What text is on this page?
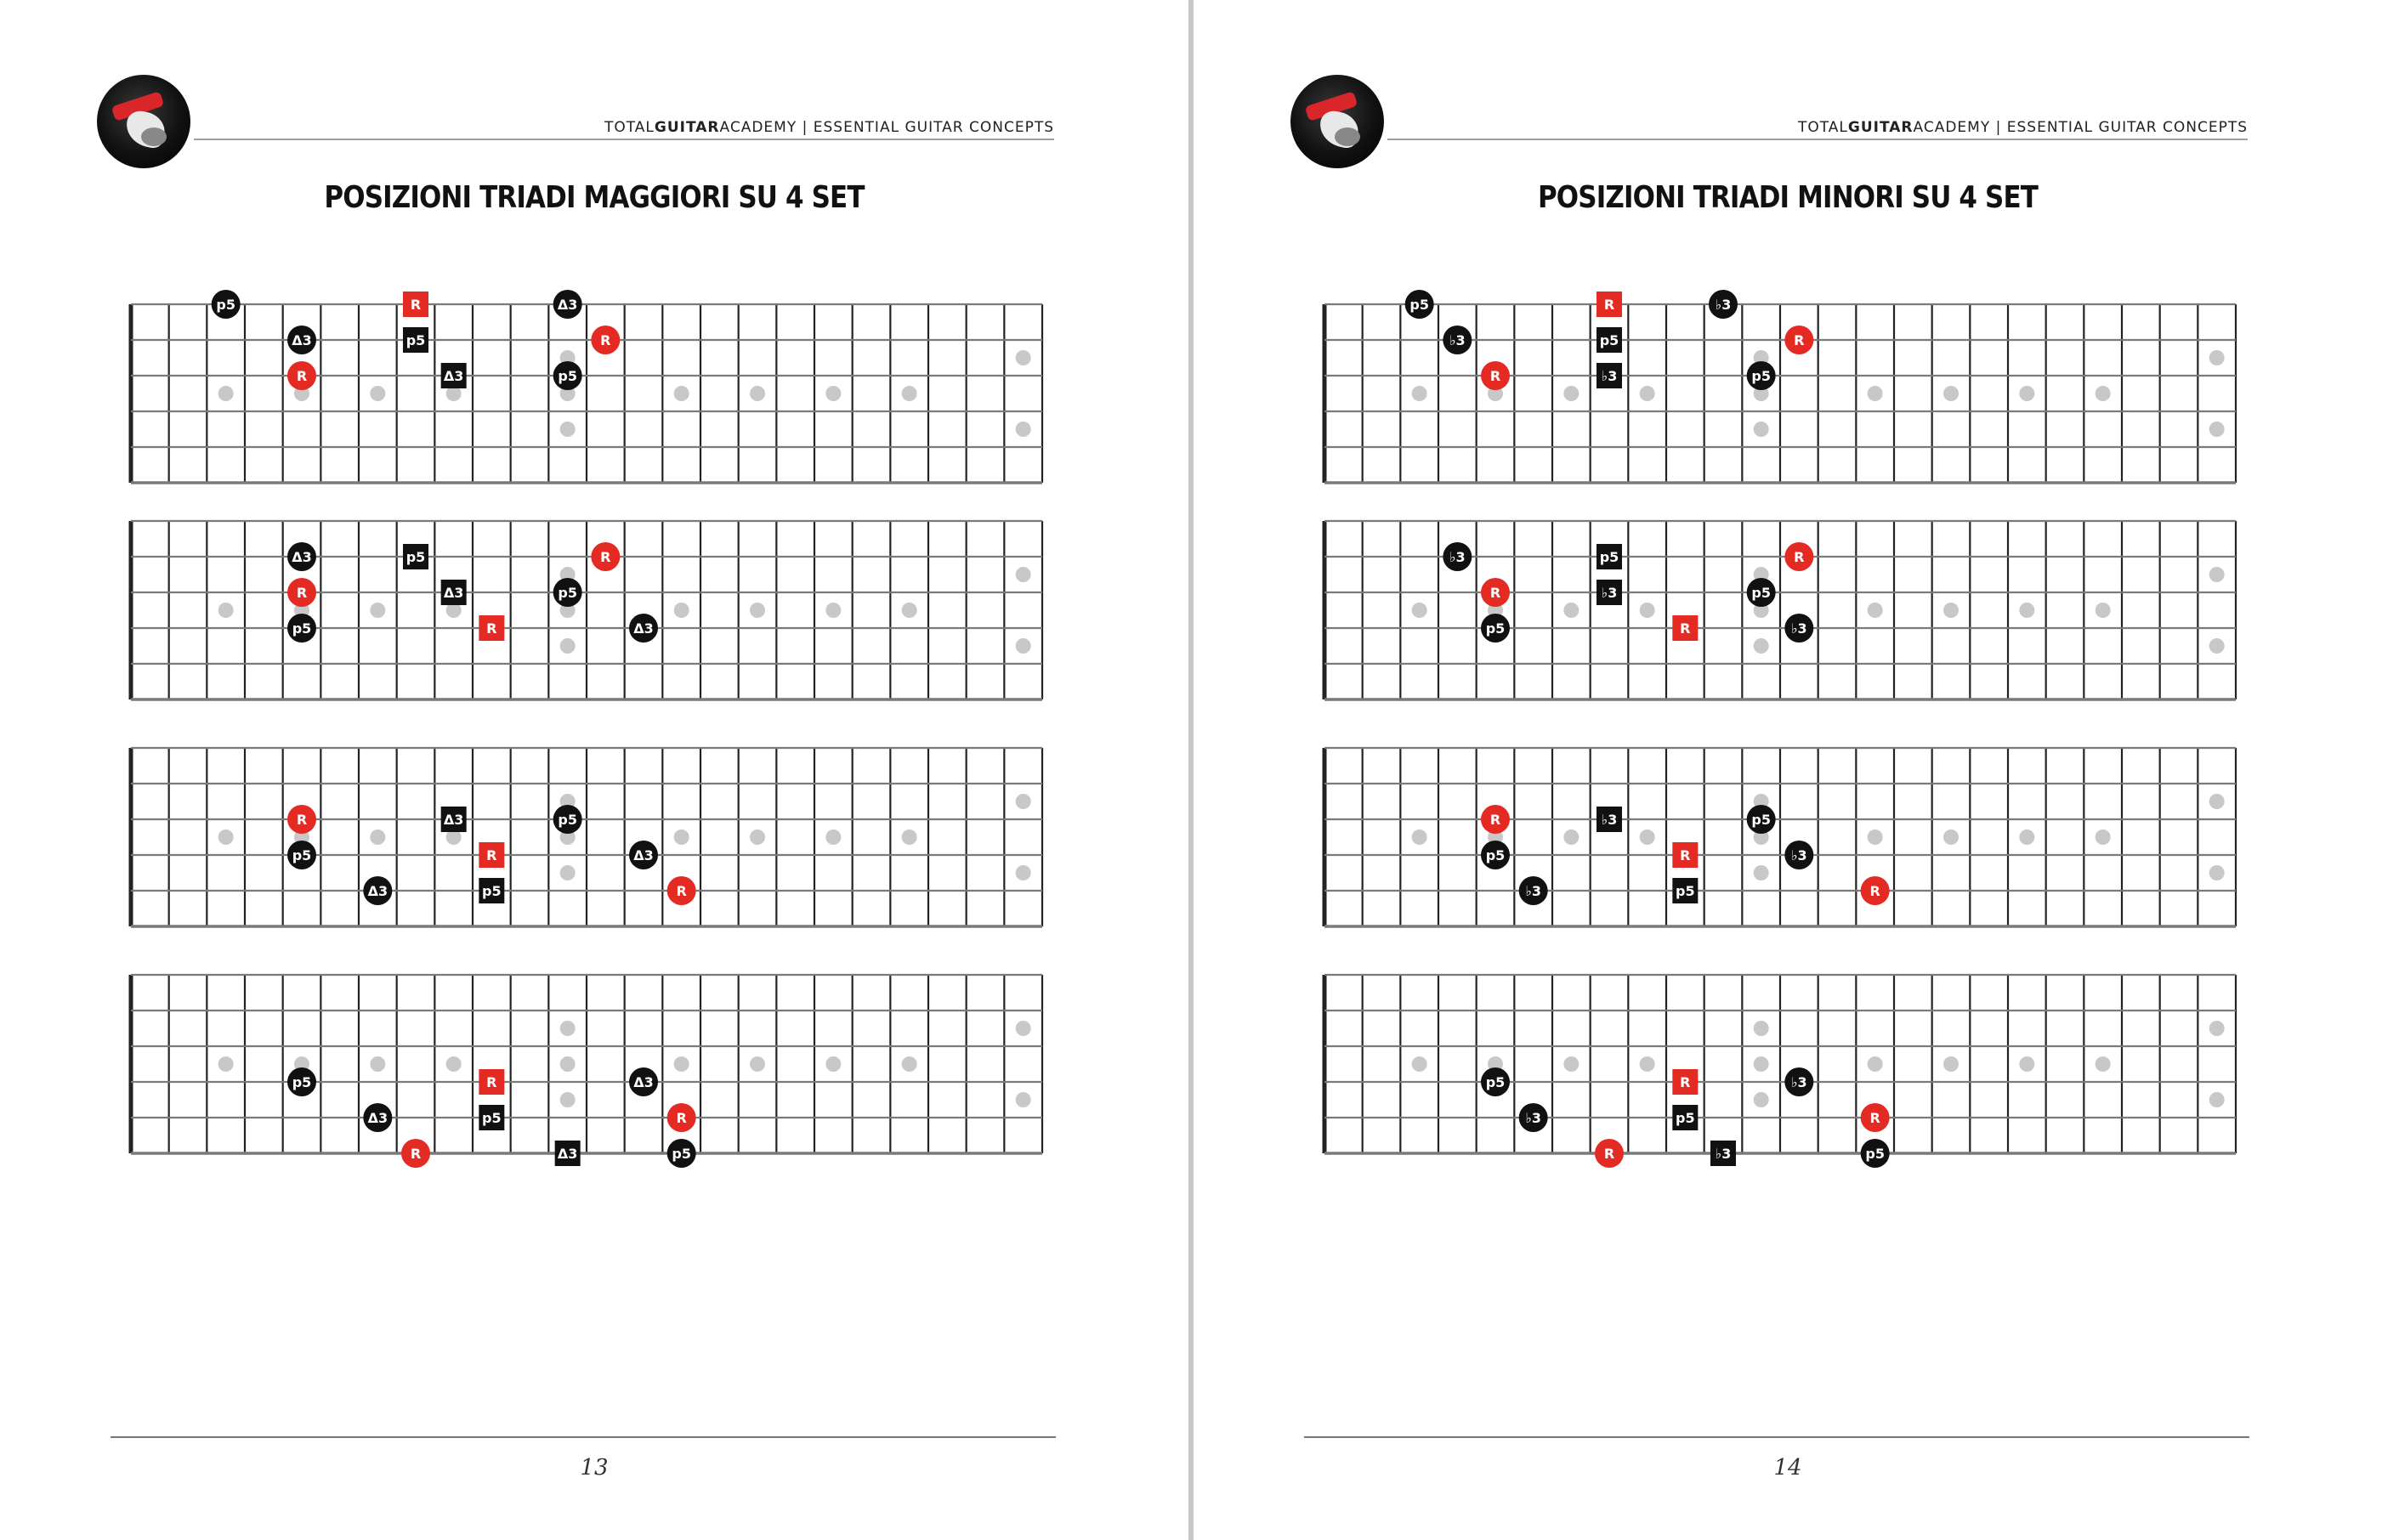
TOTALGUITARACADEMY | ESSENTIAL GUITAR CONCEPTS
POSIZIONI TRIADI MAGGIORI SU 4 SET
p5	R	Δ3
Δ3	p5	R
R	Δ3	p5
Δ3	p5	R
R	Δ3	p5
p5	R	Δ3
R	Δ3	p5
p5	R	Δ3
Δ3	p5	R
p5	R	Δ3
Δ3	p5	R
R	Δ3	p5
13
TOTALGUITARACADEMY | ESSENTIAL GUITAR CONCEPTS
POSIZIONI TRIADI MINORI SU 4 SET
p5	R	♭3
♭3	p5	R
R	♭3	p5
♭3	p5	R
R	♭3	p5
p5	R	♭3
R	♭3	p5
p5	R	♭3
♭3	p5	R
p5	R	♭3
♭3	p5	R
R	♭3	p5
14
